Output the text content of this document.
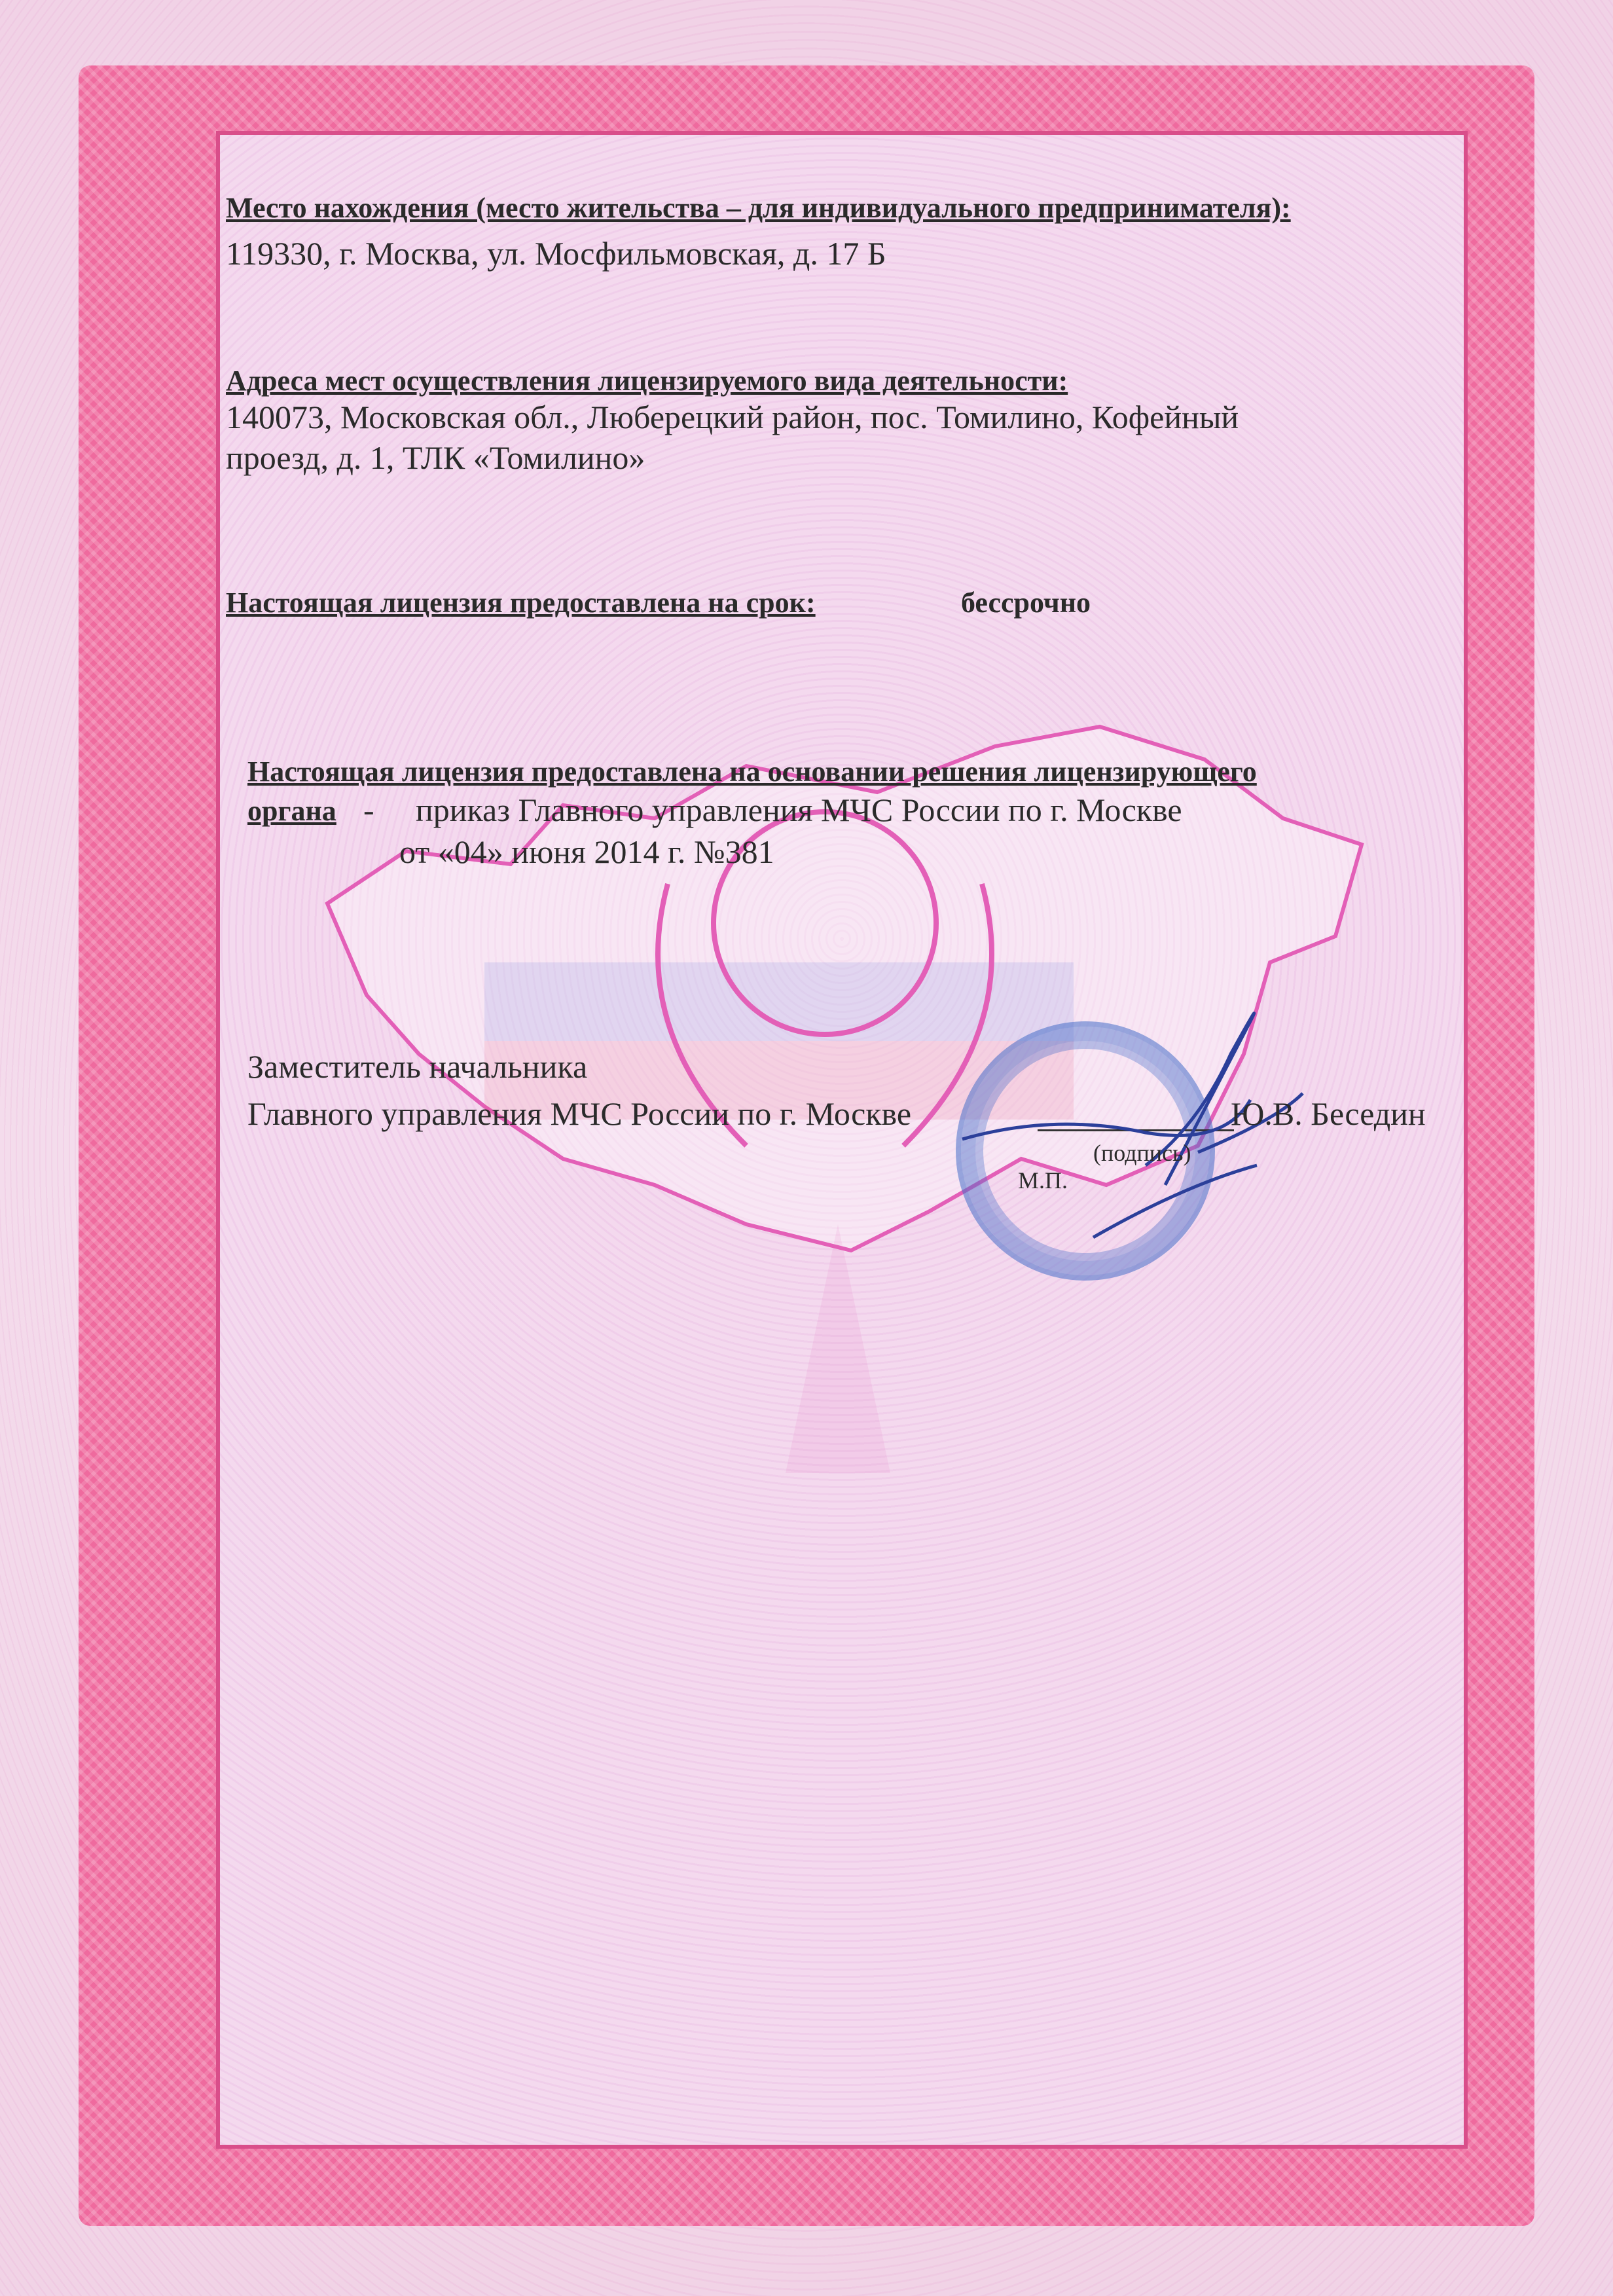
Место нахождения (место жительства – для индивидуального предпринимателя):
119330, г. Москва, ул. Мосфильмовская, д. 17 Б
Адреса мест осуществления лицензируемого вида деятельности:
140073, Московская обл., Люберецкий район, пос. Томилино, Кофейный
проезд, д. 1, ТЛК «Томилино»
Настоящая лицензия предоставлена на срок:	бессрочно
Настоящая лицензия предоставлена на основании решения лицензирующего
органа - приказ Главного управления МЧС России по г. Москве
от «04» июня 2014 г. №381
Заместитель начальника
Главного управления МЧС России по г. Москве	Ю.В. Беседин
(подпись)
М.П.
